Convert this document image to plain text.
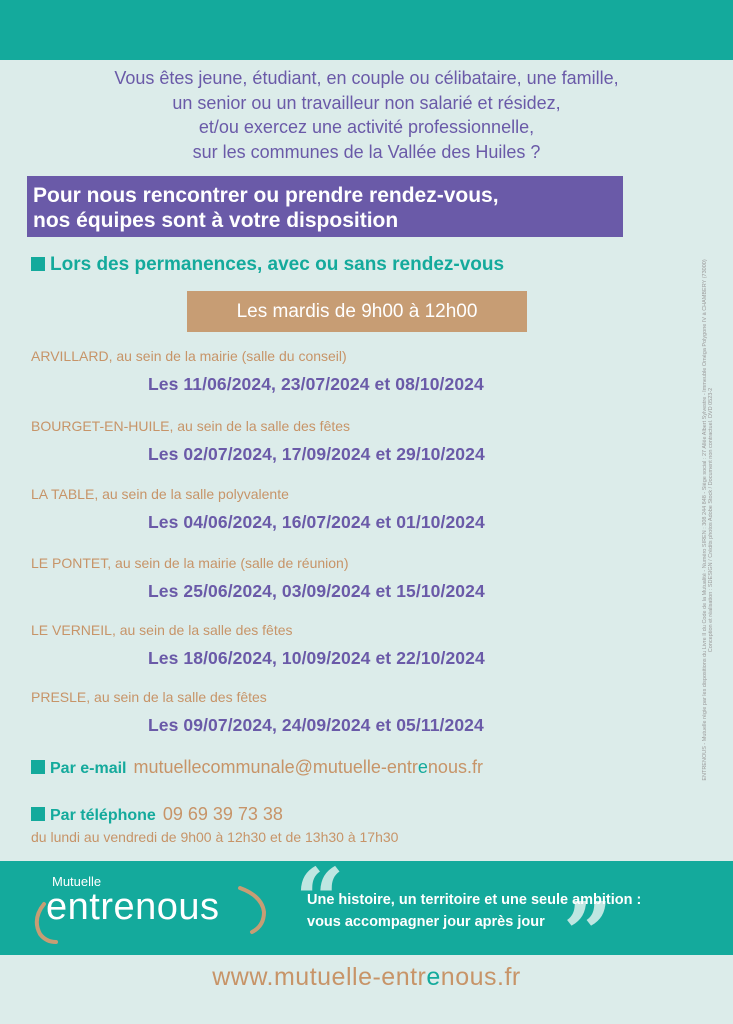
Vous êtes jeune, étudiant, en couple ou célibataire, une famille,
un senior ou un travailleur non salarié et résidez,
et/ou exercez une activité professionnelle,
sur les communes de la Vallée des Huiles ?
Pour nous rencontrer ou prendre rendez-vous,
nos équipes sont à votre disposition
Lors des permanences, avec ou sans rendez-vous
Les mardis de 9h00 à 12h00
ARVILLARD, au sein de la mairie (salle du conseil)
Les 11/06/2024, 23/07/2024 et 08/10/2024
BOURGET-EN-HUILE, au sein de la salle des fêtes
Les 02/07/2024, 17/09/2024 et 29/10/2024
LA TABLE, au sein de la salle polyvalente
Les 04/06/2024, 16/07/2024 et 01/10/2024
LE PONTET, au sein de la mairie (salle de réunion)
Les 25/06/2024, 03/09/2024 et 15/10/2024
LE VERNEIL, au sein de la salle des fêtes
Les 18/06/2024, 10/09/2024 et 22/10/2024
PRESLE, au sein de la salle des fêtes
Les 09/07/2024, 24/09/2024 et 05/11/2024
Par e-mail mutuellecommunale@mutuelle-entrenous.fr
Par téléphone 09 69 39 73 38
du lundi au vendredi de 9h00 à 12h30 et de 13h30 à 17h30
ENTRENOUS - Mutuelle régie par les dispositions du Livre II du Code de la Mutualité - Numéro SIREN : 308 244 848 - Siège social : 27 Allée Albert Sylvestre - Immeuble Oméga Polygone IV à CHAMBERY (73000) Conception et réalisation : SDESIGN / Crédits photos Adobe Stock / Document non contractuel. DVD 0523-2
Mutuelle
entrenous “	”
Une histoire, un territoire et une seule ambition :
vous accompagner jour après jour
www.mutuelle-entrenous.fr
